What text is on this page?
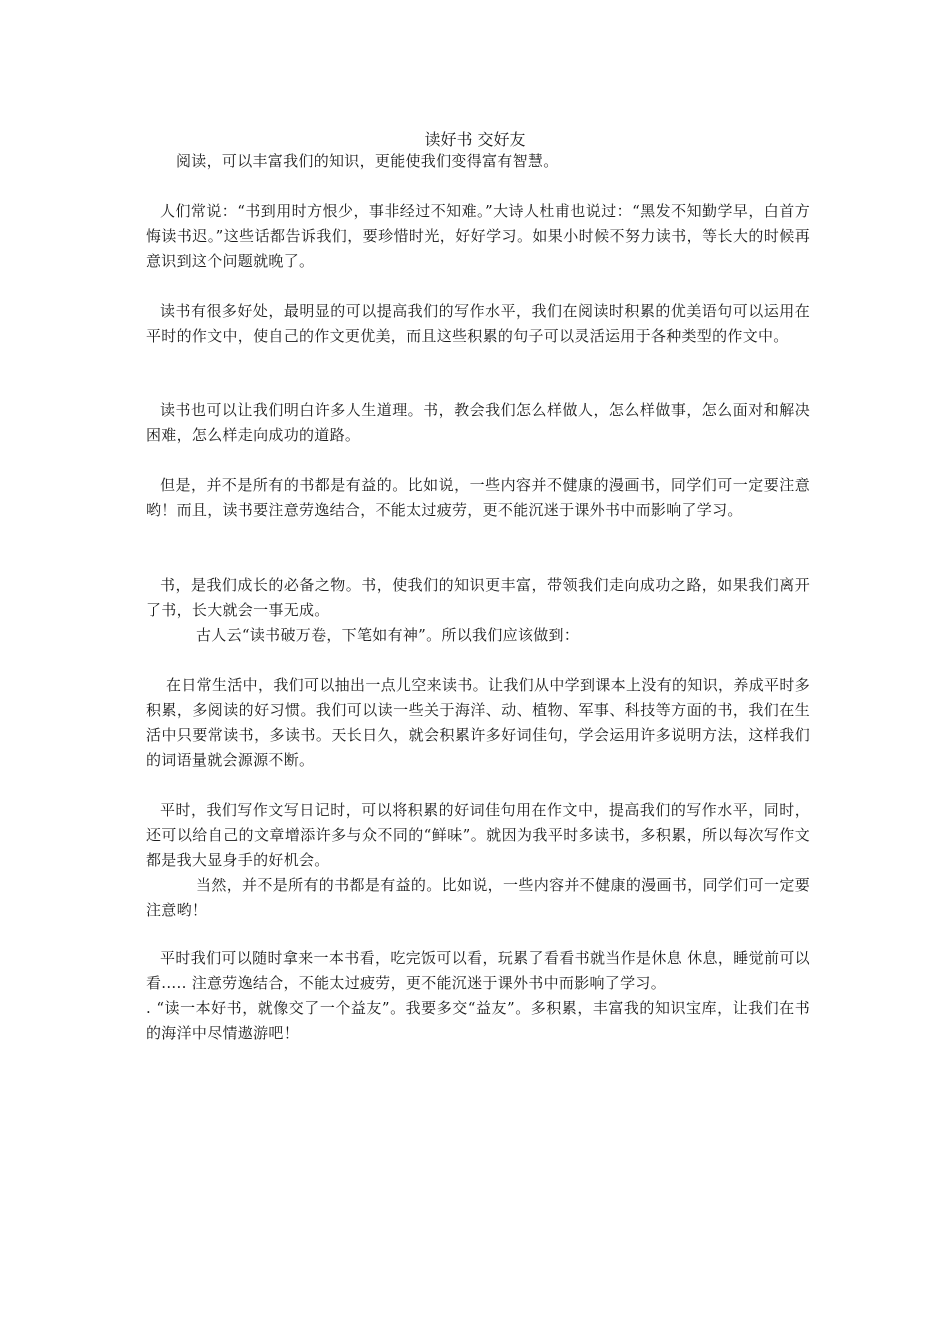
读好书 交好友

阅读，可以丰富我们的知识，更能使我们变得富有智慧。

人们常说：“书到用时方恨少，事非经过不知难。”大诗人杜甫也说过：“黑发不知勤学早，白首方悔读书迟。”这些话都告诉我们，要珍惜时光，好好学习。如果小时候不努力读书，等长大的时候再意识到这个问题就晚了。

读书有很多好处，最明显的可以提高我们的写作水平，我们在阅读时积累的优美语句可以运用在平时的作文中，使自己的作文更优美，而且这些积累的句子可以灵活运用于各种类型的作文中。

读书也可以让我们明白许多人生道理。书，教会我们怎么样做人，怎么样做事，怎么面对和解决困难，怎么样走向成功的道路。

但是，并不是所有的书都是有益的。比如说，一些内容并不健康的漫画书，同学们可一定要注意哟！而且，读书要注意劳逸结合，不能太过疲劳，更不能沉迷于课外书中而影响了学习。

书，是我们成长的必备之物。书，使我们的知识更丰富，带领我们走向成功之路，如果我们离开了书，长大就会一事无成。

古人云“读书破万卷，下笔如有神”。所以我们应该做到：

在日常生活中，我们可以抽出一点儿空来读书。让我们从中学到课本上没有的知识，养成平时多积累，多阅读的好习惯。我们可以读一些关于海洋、动、植物、军事、科技等方面的书，我们在生活中只要常读书，多读书。天长日久，就会积累许多好词佳句，学会运用许多说明方法，这样我们的词语量就会源源不断。

平时，我们写作文写日记时，可以将积累的好词佳句用在作文中，提高我们的写作水平，同时，还可以给自己的文章增添许多与众不同的“鲜味”。就因为我平时多读书，多积累，所以每次写作文都是我大显身手的好机会。

当然，并不是所有的书都是有益的。比如说，一些内容并不健康的漫画书，同学们可一定要注意哟！

平时我们可以随时拿来一本书看，吃完饭可以看，玩累了看看书就当作是休息 休息，睡觉前可以看..... 注意劳逸结合，不能太过疲劳，更不能沉迷于课外书中而影响了学习。

. “读一本好书，就像交了一个益友”。我要多交“益友”。多积累，丰富我的知识宝库，让我们在书的海洋中尽情遨游吧！
